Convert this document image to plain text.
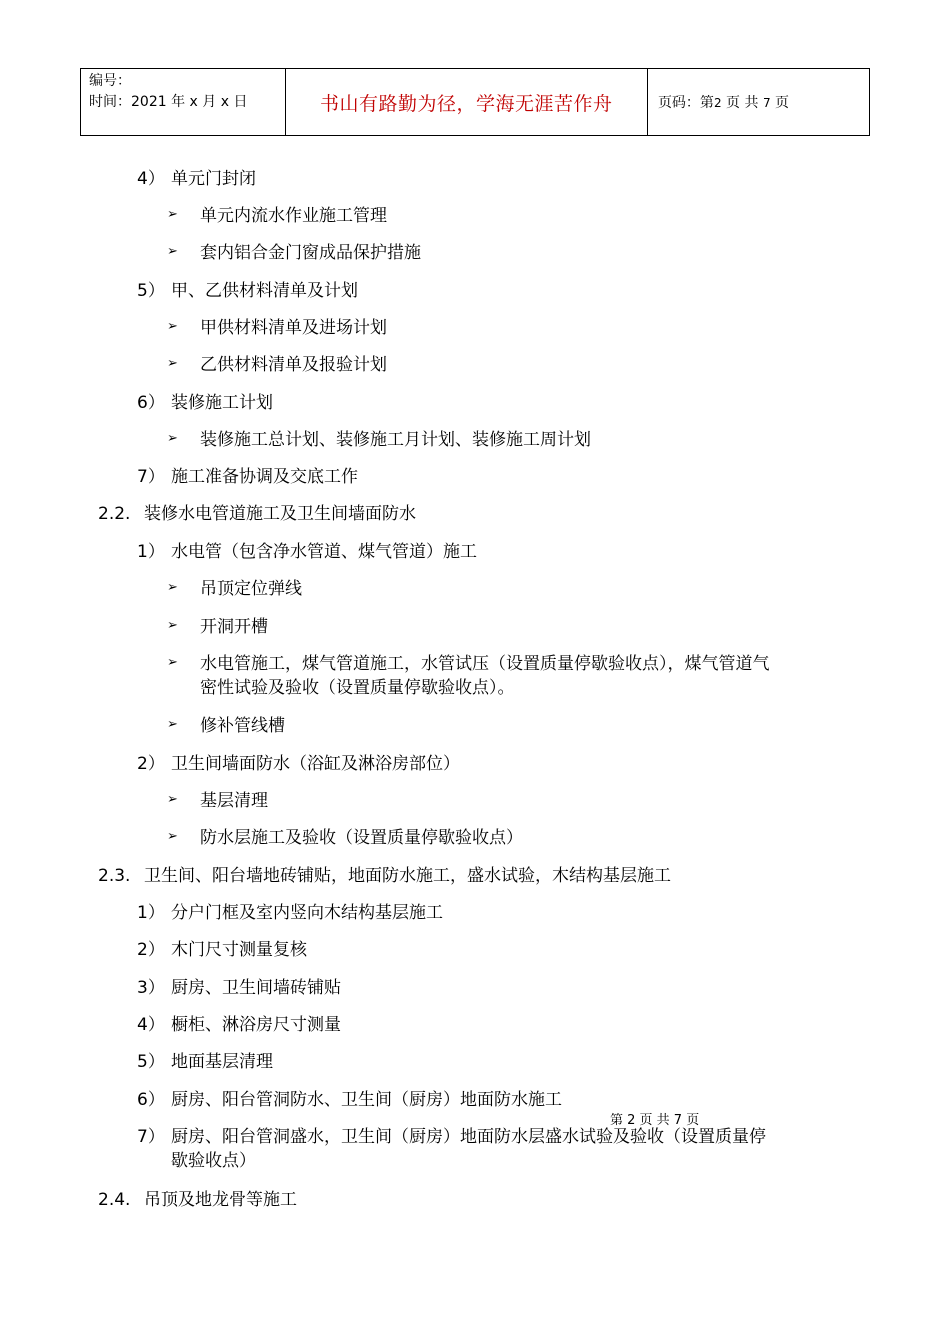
编号：
时间：2021 年 x 月 x 日	书山有路勤为径，学海无涯苦作舟	页码：第2 页 共 7 页
4） 单元门封闭
➢ 单元内流水作业施工管理
➢ 套内铝合金门窗成品保护措施
5） 甲、乙供材料清单及计划
➢ 甲供材料清单及进场计划
➢ 乙供材料清单及报验计划
6） 装修施工计划
➢ 装修施工总计划、装修施工月计划、装修施工周计划
7） 施工准备协调及交底工作
2.2. 装修水电管道施工及卫生间墙面防水
1） 水电管（包含净水管道、煤气管道）施工
➢ 吊顶定位弹线
➢ 开洞开槽
➢ 水电管施工，煤气管道施工，水管试压（设置质量停歇验收点），煤气管道气
密性试验及验收（设置质量停歇验收点）。
➢ 修补管线槽
2） 卫生间墙面防水（浴缸及淋浴房部位）
➢ 基层清理
➢ 防水层施工及验收（设置质量停歇验收点）
2.3. 卫生间、阳台墙地砖铺贴，地面防水施工，盛水试验，木结构基层施工
1） 分户门框及室内竖向木结构基层施工
2） 木门尺寸测量复核
3） 厨房、卫生间墙砖铺贴
4） 橱柜、淋浴房尺寸测量
5） 地面基层清理
6） 厨房、阳台管洞防水、卫生间（厨房）地面防水施工
7） 厨房、阳台管洞盛水，卫生间（厨房）地面防水层盛水试验及验收（设置质量停
歇验收点）
2.4. 吊顶及地龙骨等施工
第 2 页 共 7 页
